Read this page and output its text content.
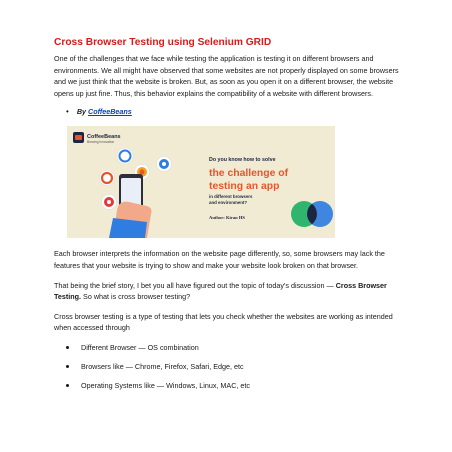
Cross Browser Testing using Selenium GRID

One of the challenges that we face while testing the application is testing it on different browsers and environments. We all might have observed that some websites are not properly displayed on some browsers and we just think that the website is broken. But, as soon as you open it on a different browser, the website opens up just fine. Thus, this behavior explains the compatibility of a website with different browsers.

• By CoffeeBeans
CoffeeBeans
Brewing Innovation
Do you know how to solve
the challenge of
testing an app
in different browsers
and environment?
Author: Kiran HS

Each browser interprets the information on the website page differently, so, some browsers may lack the features that your website is trying to show and make your website look broken on that browser.

That being the brief story, I bet you all have figured out the topic of today's discussion — Cross Browser Testing. So what is cross browser testing?

Cross browser testing is a type of testing that lets you check whether the websites are working as intended when accessed through

Different Browser — OS combination
Browsers like — Chrome, Firefox, Safari, Edge, etc
Operating Systems like — Windows, Linux, MAC, etc
